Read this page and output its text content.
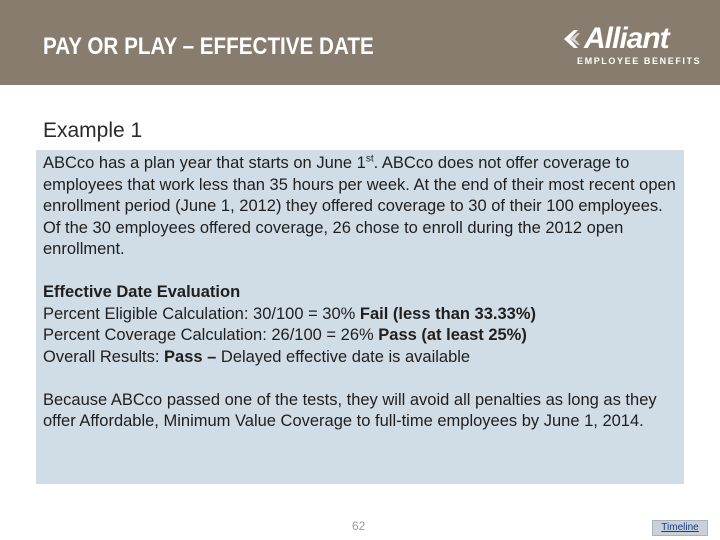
PAY OR PLAY – EFFECTIVE DATE	Alliant
EMPLOYEE BENEFITS
Example 1

ABCco has a plan year that starts on June 1st. ABCco does not offer coverage to employees that work less than 35 hours per week. At the end of their most recent open enrollment period (June 1, 2012) they offered coverage to 30 of their 100 employees. Of the 30 employees offered coverage, 26 chose to enroll during the 2012 open enrollment.

Effective Date Evaluation

Percent Eligible Calculation: 30/100 = 30% Fail (less than 33.33%)

Percent Coverage Calculation: 26/100 = 26% Pass (at least 25%)

Overall Results: Pass – Delayed effective date is available

Because ABCco passed one of the tests, they will avoid all penalties as long as they offer Affordable, Minimum Value Coverage to full-time employees by June 1, 2014.

62	Timeline
